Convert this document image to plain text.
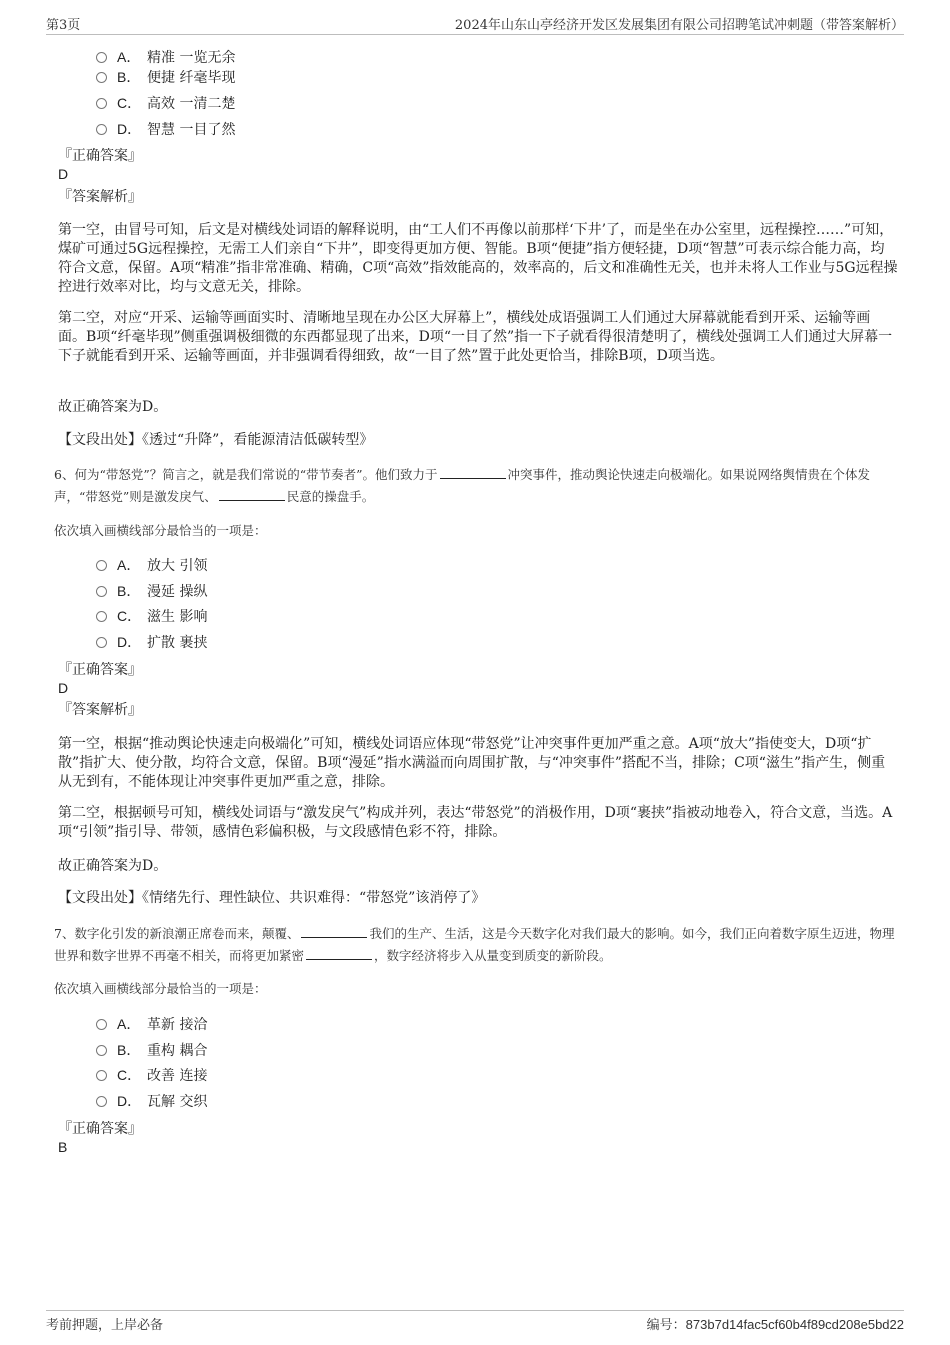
第3页	2024年山东山亭经济开发区发展集团有限公司招聘笔试冲刺题（带答案解析）
A． 精准 一览无余
B． 便捷 纤毫毕现
C． 高效 一清二楚
D． 智慧 一目了然
『正确答案』
D
『答案解析』
第一空，由冒号可知，后文是对横线处词语的解释说明，由“工人们不再像以前那样‘下井’了，而是坐在办公室里，远程操控……”可知，煤矿可通过5G远程操控，无需工人们亲自“下井”，即变得更加方便、智能。B项“便捷”指方便轻捷，D项“智慧”可表示综合能力高，均符合文意，保留。A项“精准”指非常准确、精确，C项“高效”指效能高的，效率高的，后文和准确性无关，也并未将人工作业与5G远程操控进行效率对比，均与文意无关，排除。
第二空，对应“开采、运输等画面实时、清晰地呈现在办公区大屏幕上”，横线处成语强调工人们通过大屏幕就能看到开采、运输等画面。B项“纤毫毕现”侧重强调极细微的东西都显现了出来，D项“一目了然”指一下子就看得很清楚明了，横线处强调工人们通过大屏幕一下子就能看到开采、运输等画面，并非强调看得细致，故“一目了然”置于此处更恰当，排除B项，D项当选。
故正确答案为D。
【文段出处】《透过“升降”，看能源清洁低碳转型》
6、何为“带怒党”？简言之，就是我们常说的“带节奏者”。他们致力于	冲突事件，推动舆论快速走向极端化。如果说网络舆情贵在个体发声，“带怒党”则是激发戾气、	民意的操盘手。
依次填入画横线部分最恰当的一项是：
A． 放大 引领
B． 漫延 操纵
C． 滋生 影响
D． 扩散 裹挟
『正确答案』
D
『答案解析』
第一空，根据“推动舆论快速走向极端化”可知，横线处词语应体现“带怒党”让冲突事件更加严重之意。A项“放大”指使变大，D项“扩散”指扩大、使分散，均符合文意，保留。B项“漫延”指水满溢而向周围扩散，与“冲突事件”搭配不当，排除；C项“滋生”指产生，侧重从无到有，不能体现让冲突事件更加严重之意，排除。
第二空，根据顿号可知，横线处词语与“激发戾气”构成并列，表达“带怒党”的消极作用，D项“裹挟”指被动地卷入，符合文意，当选。A项“引领”指引导、带领，感情色彩偏积极，与文段感情色彩不符，排除。
故正确答案为D。
【文段出处】《情绪先行、理性缺位、共识难得：“带怒党”该消停了》
7、数字化引发的新浪潮正席卷而来，颠覆、	我们的生产、生活，这是今天数字化对我们最大的影响。如今，我们正向着数字原生迈进，物理世界和数字世界不再毫不相关，而将更加紧密	，数字经济将步入从量变到质变的新阶段。
依次填入画横线部分最恰当的一项是：
A． 革新 接洽
B． 重构 耦合
C． 改善 连接
D． 瓦解 交织
『正确答案』
B
考前押题，上岸必备	编号：873b7d14fac5cf60b4f89cd208e5bd22
